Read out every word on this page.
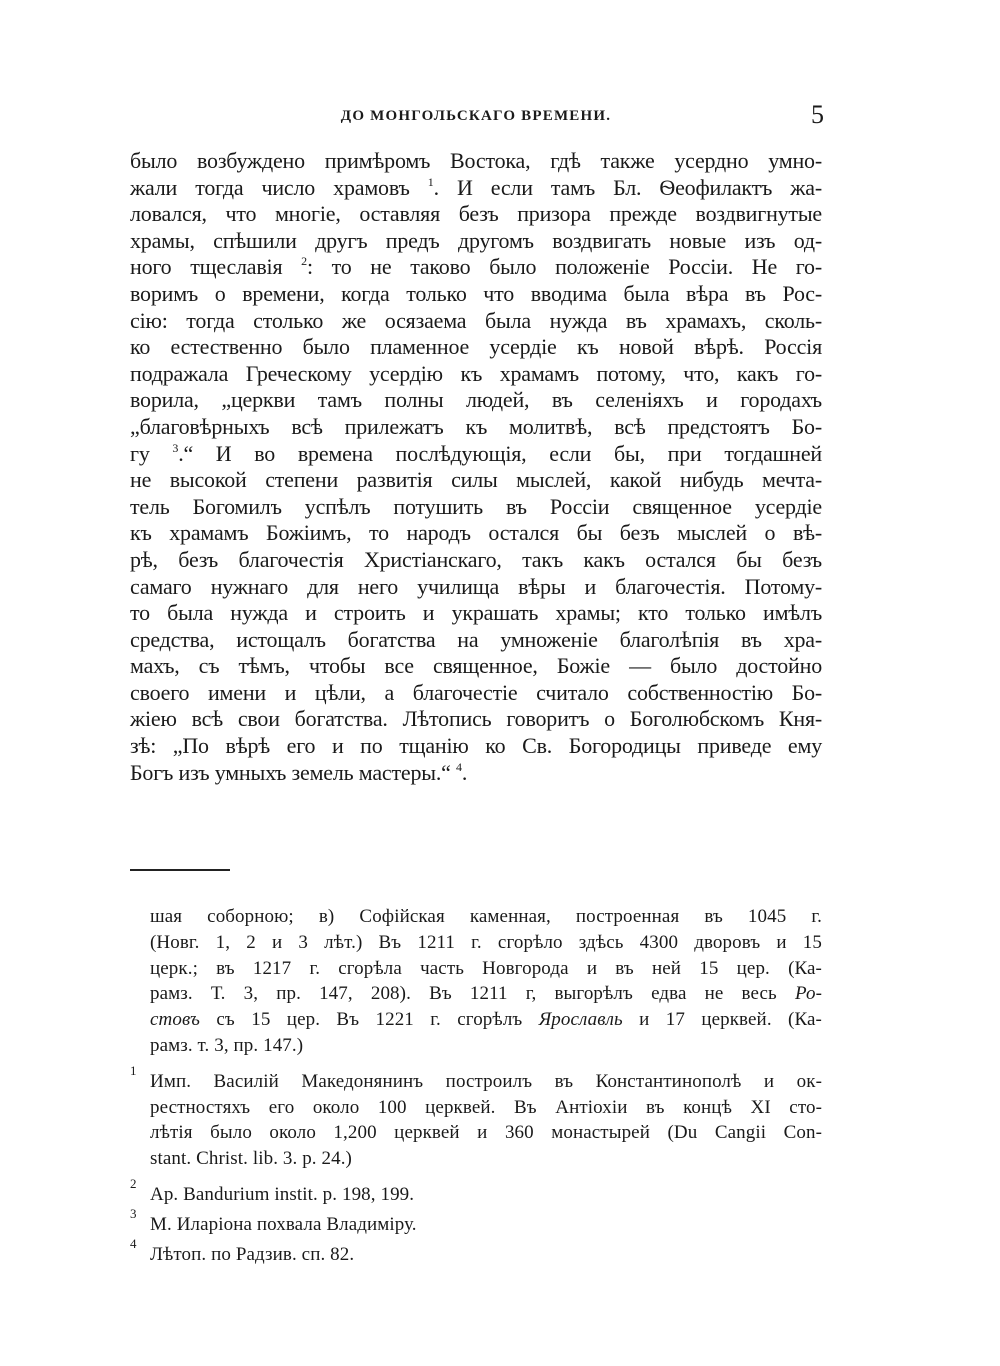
ДО МОНГОЛЬСКАГО ВРЕМЕНИ.	5
было возбуждено примѣромъ Востока, гдѣ также усердно умно-
жали тогда число храмовъ $^1$. И если тамъ Бл. Ѳеофилактъ жа-
ловался, что многіе, оставляя безъ призора прежде воздвигнутые
храмы, спѣшили другъ предъ другомъ воздвигать новые изъ од-
ного тщеславія $^2$: то не таково было положеніе Россіи. Не го-
воримъ о времени, когда только что вводима была вѣра въ Рос-
сію: тогда столько же осязаема была нужда въ храмахъ, сколь-
ко естественно было пламенное усердіе къ новой вѣрѣ. Россія
подражала Греческому усердію къ храмамъ потому, что, какъ го-
ворила, „церкви тамъ полны людей, въ селеніяхъ и городахъ
„благовѣрныхъ всѣ прилежатъ къ молитвѣ, всѣ предстоятъ Бо-
гу $^3$.“ И во времена послѣдующія, если бы, при тогдашней
не высокой степени развитія силы мыслей, какой нибудь мечта-
тель Богомилъ успѣлъ потушить въ Россіи священное усердіе
къ храмамъ Божіимъ, то народъ остался бы безъ мыслей о вѣ-
рѣ, безъ благочестія Христіанскаго, такъ какъ остался бы безъ
самаго нужнаго для него училища вѣры и благочестія. Потому-
то была нужда и строить и украшать храмы; кто только имѣлъ
средства, истощалъ богатства на умноженіе благолѣпія въ хра-
махъ, съ тѣмъ, чтобы все священное, Божіе — было достойно
своего имени и цѣли, а благочестіе считало собственностію Бо-
жіею всѣ свои богатства. Лѣтопись говоритъ о Боголюбскомъ Кня-
зѣ: „По вѣрѣ его и по тщанію ко Св. Богородицы приведе ему
Богъ изъ умныхъ земель мастеры.“ $^4$.
шая соборною; в) Софійская каменная, построенная въ 1045 г.
(Новг. 1, 2 и 3 лѣт.) Въ 1211 г. сгорѣло здѣсь 4300 дворовъ и 15
церк.; въ 1217 г. сгорѣла часть Новгорода и въ ней 15 цер. (Ка-
рамз. Т. 3, пр. 147, 208). Въ 1211 г, выгорѣлъ едва не весь Ро-
стовъ съ 15 цер. Въ 1221 г. сгорѣлъ Ярославль и 17 церквей. (Ка-
рамз. т. 3, пр. 147.)
1
Имп. Василій Македонянинъ построилъ въ Константинополѣ и ок-
рестностяхъ его около 100 церквей. Въ Антіохіи въ концѣ XI сто-
лѣтія было около 1,200 церквей и 360 монастырей (Du Cangii Con-
stant. Christ. lib. 3. p. 24.)
2
Ap. Bandurium instit. p. 198, 199.
3
М. Иларіона похвала Владиміру.
4
Лѣтоп. по Радзив. сп. 82.
